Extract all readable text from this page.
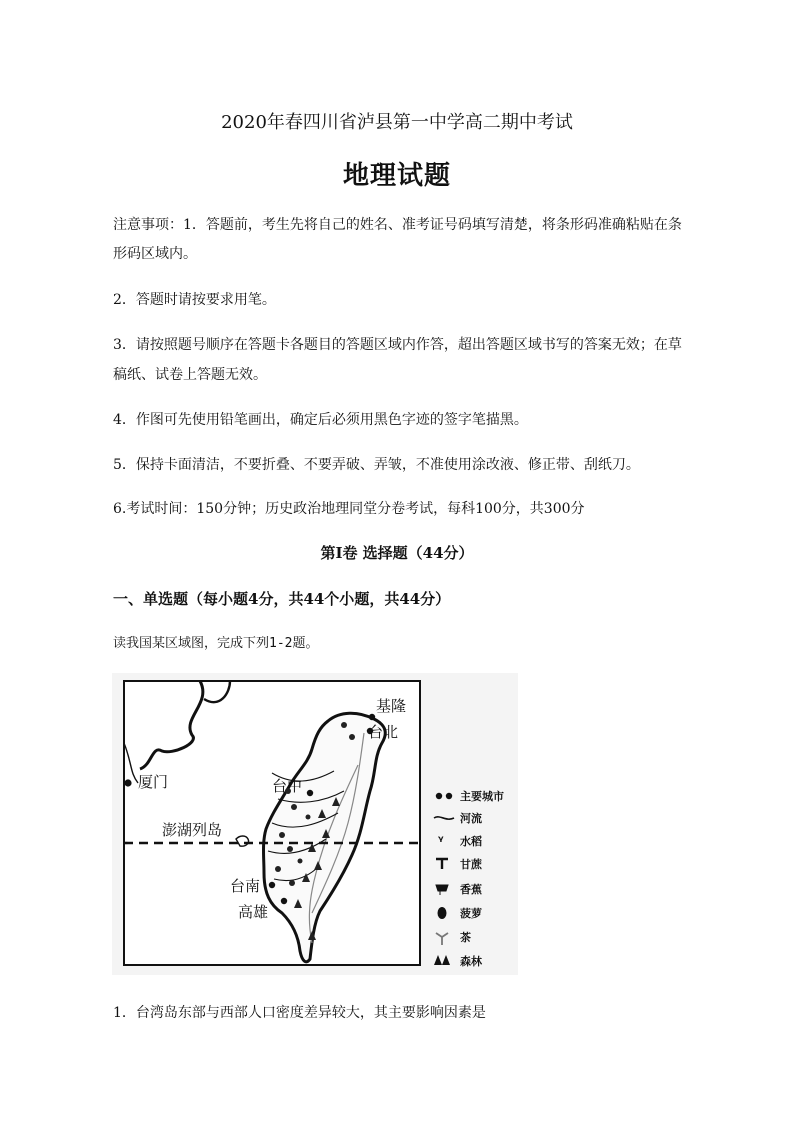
2020年春四川省泸县第一中学高二期中考试
地理试题
注意事项：1．答题前，考生先将自己的姓名、准考证号码填写清楚，将条形码准确粘贴在条
形码区域内。
2．答题时请按要求用笔。
3．请按照题号顺序在答题卡各题目的答题区域内作答，超出答题区域书写的答案无效；在草
稿纸、试卷上答题无效。
4．作图可先使用铅笔画出，确定后必须用黑色字迹的签字笔描黑。
5．保持卡面清洁，不要折叠、不要弄破、弄皱，不准使用涂改液、修正带、刮纸刀。
6.考试时间：150分钟；历史政治地理同堂分卷考试，每科100分，共300分
第Ⅰ卷 选择题（44分）
一、单选题（每小题4分，共44个小题，共44分）
读我国某区域图，完成下列1-2题。
基隆
台北
厦门	台中
澎湖列岛
台南
高雄
主要城市
河流
ᵞ 水稻
甘蔗
香蕉
菠萝
茶
森林
1．台湾岛东部与西部人口密度差异较大，其主要影响因素是
